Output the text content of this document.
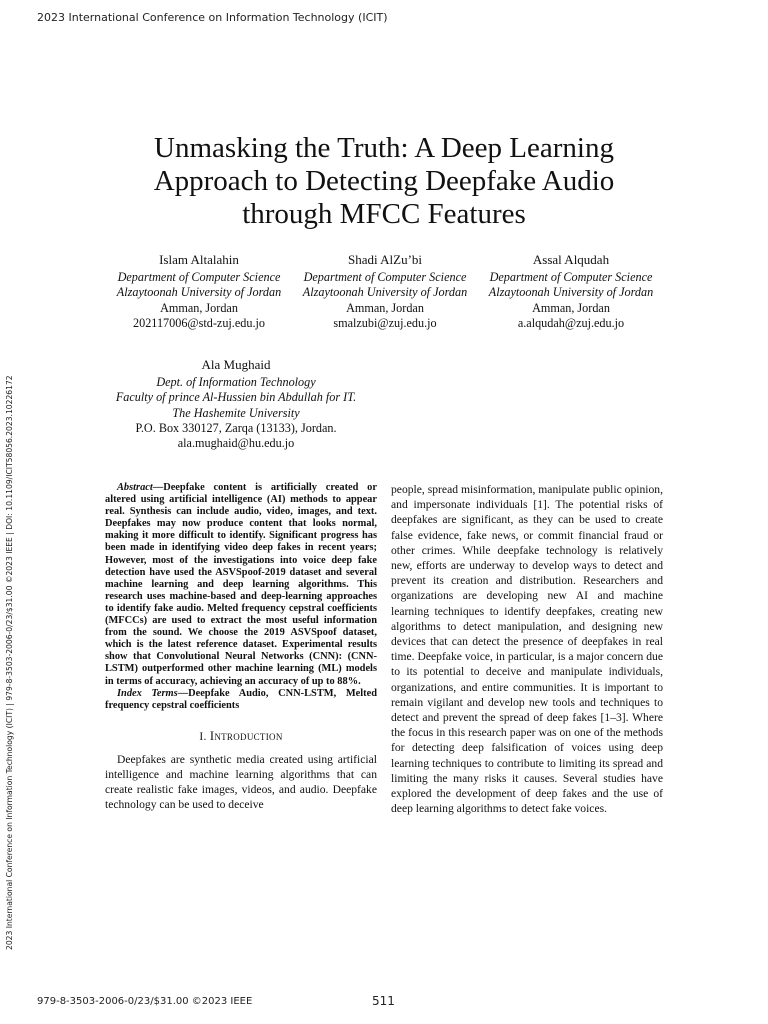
2023 International Conference on Information Technology (ICIT)
2023 International Conference on Information Technology (ICIT) | 979-8-3503-2006-0/23/$31.00 ©2023 IEEE | DOI: 10.1109/ICIT58056.2023.10226172
Unmasking the Truth: A Deep Learning
Approach to Detecting Deepfake Audio
through MFCC Features
Islam Altalahin
Department of Computer Science
Alzaytoonah University of Jordan
Amman, Jordan
202117006@std-zuj.edu.jo
Shadi AlZu’bi
Department of Computer Science
Alzaytoonah University of Jordan
Amman, Jordan
smalzubi@zuj.edu.jo
Assal Alqudah
Department of Computer Science
Alzaytoonah University of Jordan
Amman, Jordan
a.alqudah@zuj.edu.jo
Ala Mughaid
Dept. of Information Technology
Faculty of prince Al-Hussien bin Abdullah for IT.
The Hashemite University
P.O. Box 330127, Zarqa (13133), Jordan.
ala.mughaid@hu.edu.jo

Abstract—Deepfake content is artificially created or altered using artificial intelligence (AI) methods to appear real. Synthesis can include audio, video, images, and text. Deepfakes may now produce content that looks normal, making it more difficult to identify. Significant progress has been made in identifying video deep fakes in recent years; However, most of the investigations into voice deep fake detection have used the ASVSpoof-2019 dataset and several machine learning and deep learning algorithms. This research uses machine-based and deep-learning approaches to identify fake audio. Melted frequency cepstral coefficients (MFCCs) are used to extract the most useful information from the sound. We choose the 2019 ASVSpoof dataset, which is the latest reference dataset. Experimental results show that Convolutional Neural Networks (CNN): (CNN-LSTM) outperformed other machine learning (ML) models in terms of accuracy, achieving an accuracy of up to 88%.

Index Terms—Deepfake Audio, CNN-LSTM, Melted frequency cepstral coefficients

I. Introduction

Deepfakes are synthetic media created using artificial intelligence and machine learning algorithms that can create realistic fake images, videos, and audio. Deepfake technology can be used to deceive

people, spread misinformation, manipulate public opinion, and impersonate individuals [1]. The potential risks of deepfakes are significant, as they can be used to create false evidence, fake news, or commit financial fraud or other crimes. While deepfake technology is relatively new, efforts are underway to develop ways to detect and prevent its creation and distribution. Researchers and organizations are developing new AI and machine learning techniques to identify deepfakes, creating new algorithms to detect manipulation, and designing new devices that can detect the presence of deepfakes in real time. Deepfake voice, in particular, is a major concern due to its potential to deceive and manipulate individuals, organizations, and entire communities. It is important to remain vigilant and develop new tools and techniques to detect and prevent the spread of deep fakes [1–3]. Where the focus in this research paper was on one of the methods for detecting deep falsification of voices using deep learning techniques to contribute to limiting its spread and limiting the many risks it causes. Several studies have explored the development of deep fakes and the use of deep learning algorithms to detect fake voices.

979-8-3503-2006-0/23/$31.00 ©2023 IEEE	511
